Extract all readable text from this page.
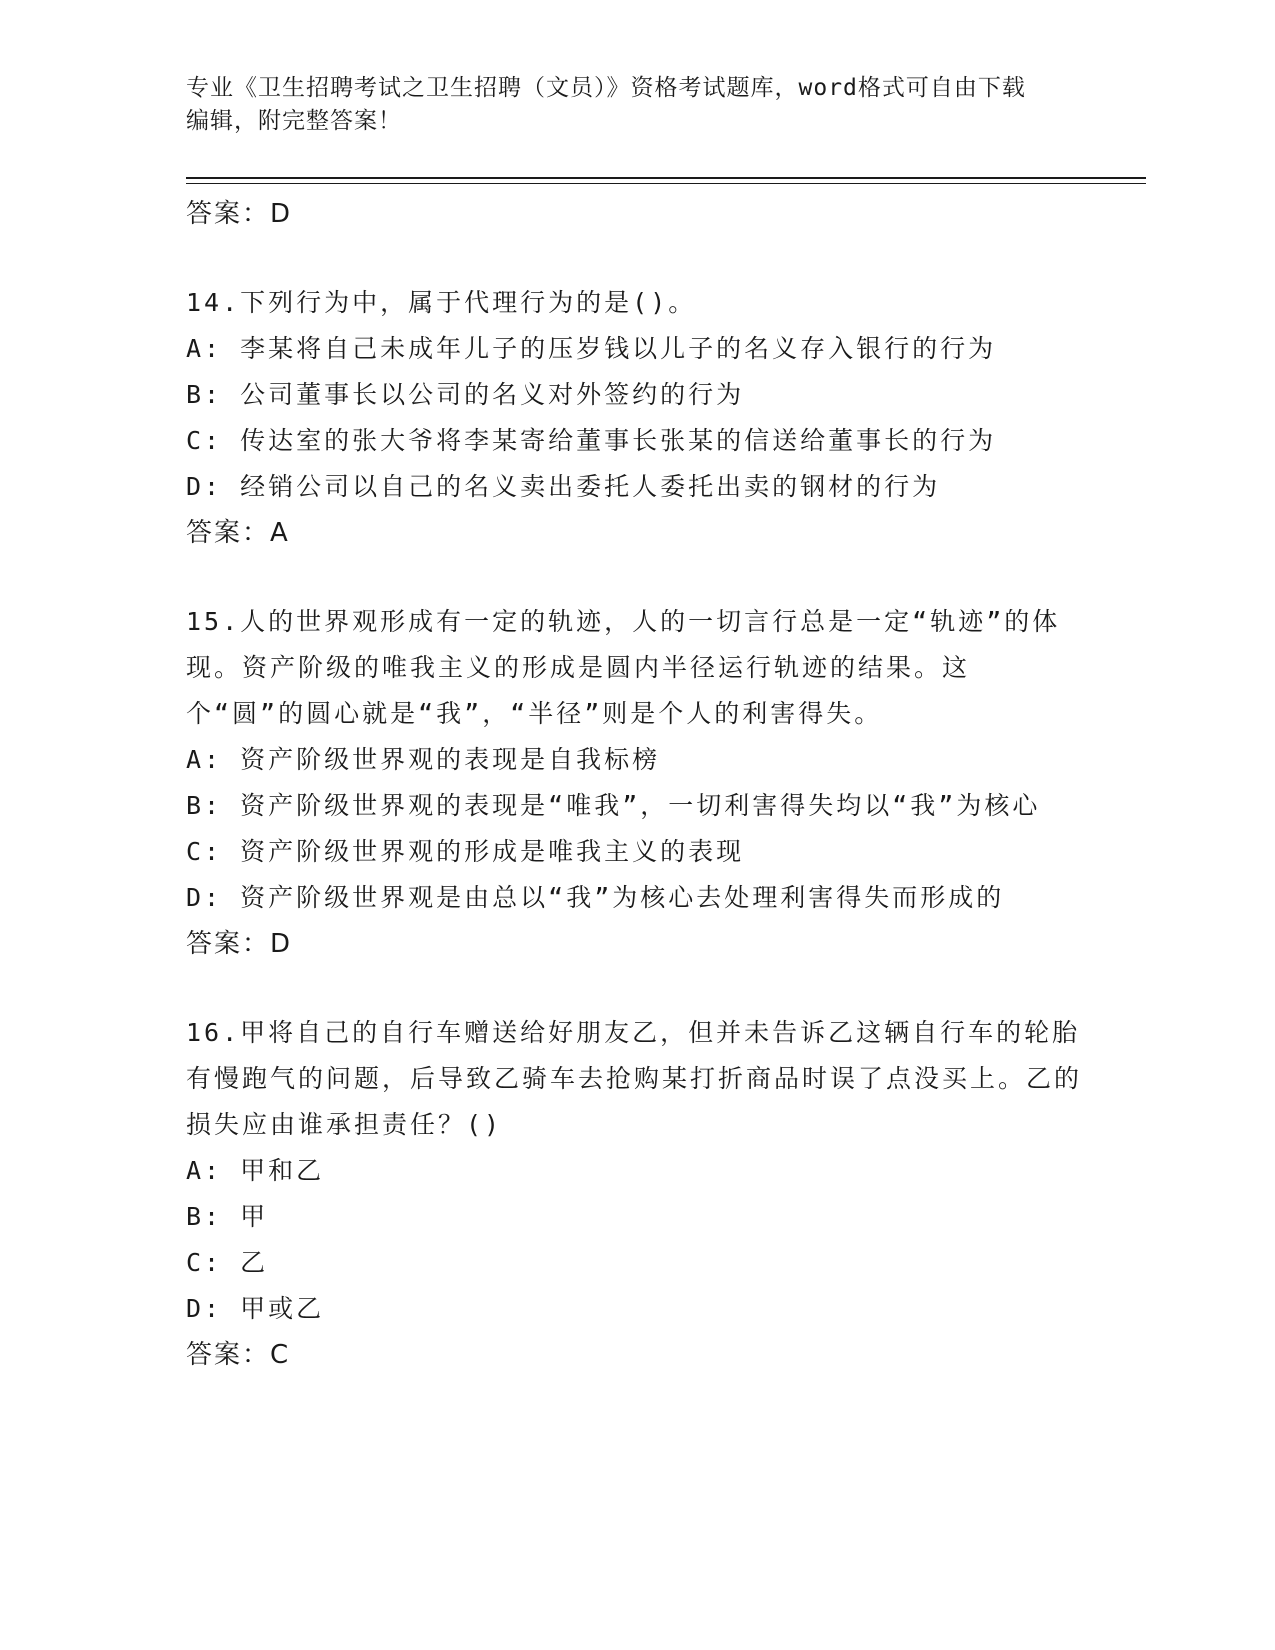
专业《卫生招聘考试之卫生招聘（文员）》资格考试题库，word格式可自由下载
编辑，附完整答案！
答案：D
14.下列行为中，属于代理行为的是()。
A: 李某将自己未成年儿子的压岁钱以儿子的名义存入银行的行为
B: 公司董事长以公司的名义对外签约的行为
C: 传达室的张大爷将李某寄给董事长张某的信送给董事长的行为
D: 经销公司以自己的名义卖出委托人委托出卖的钢材的行为
答案：A
15.人的世界观形成有一定的轨迹，人的一切言行总是一定“轨迹”的体现。资产阶级的唯我主义的形成是圆内半径运行轨迹的结果。这个“圆”的圆心就是“我”，“半径”则是个人的利害得失。
A: 资产阶级世界观的表现是自我标榜
B: 资产阶级世界观的表现是“唯我”，一切利害得失均以“我”为核心
C: 资产阶级世界观的形成是唯我主义的表现
D: 资产阶级世界观是由总以“我”为核心去处理利害得失而形成的
答案：D
16.甲将自己的自行车赠送给好朋友乙，但并未告诉乙这辆自行车的轮胎有慢跑气的问题，后导致乙骑车去抢购某打折商品时误了点没买上。乙的损失应由谁承担责任？()
A: 甲和乙
B: 甲
C: 乙
D: 甲或乙
答案：C
